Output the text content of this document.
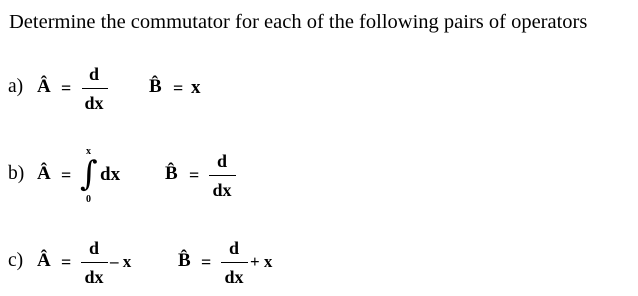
Determine the commutator for each of the following pairs of operators
a) Â =
d
dx
B̂ = x
b) Â =
x
∫
0
dx B̂ =
d
dx
c) Â =
d
dx
– x B̂ =
d
dx
+ x
